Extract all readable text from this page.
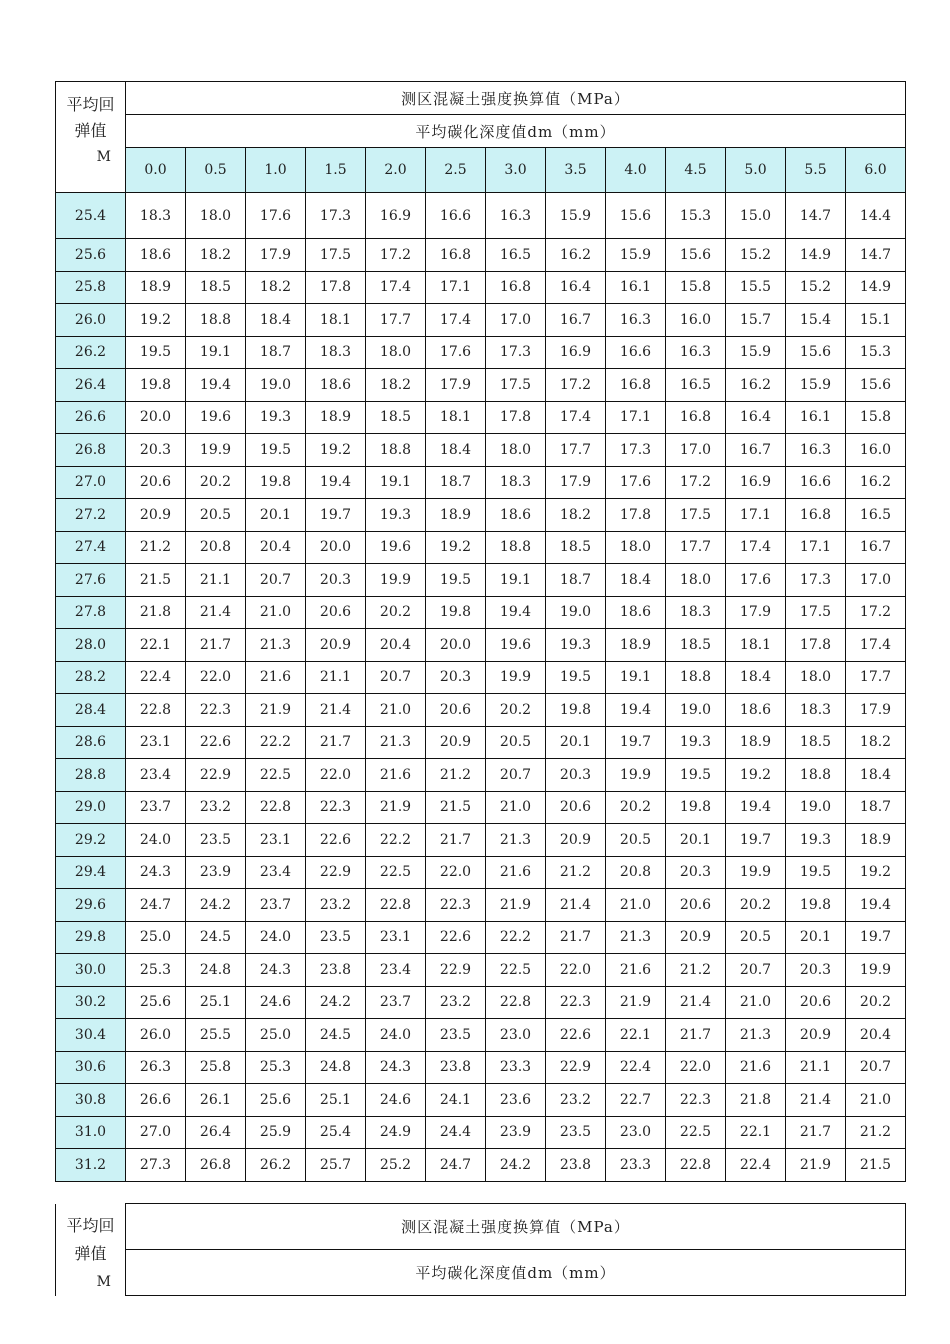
平均回
弹值
M	测区混凝土强度换算值（MPa）												
	平均碳化深度值dm（mm）												
	0.0	0.5	1.0	1.5	2.0	2.5	3.0	3.5	4.0	4.5	5.0	5.5	6.0
25.4	18.3	18.0	17.6	17.3	16.9	16.6	16.3	15.9	15.6	15.3	15.0	14.7	14.4
25.6	18.6	18.2	17.9	17.5	17.2	16.8	16.5	16.2	15.9	15.6	15.2	14.9	14.7
25.8	18.9	18.5	18.2	17.8	17.4	17.1	16.8	16.4	16.1	15.8	15.5	15.2	14.9
26.0	19.2	18.8	18.4	18.1	17.7	17.4	17.0	16.7	16.3	16.0	15.7	15.4	15.1
26.2	19.5	19.1	18.7	18.3	18.0	17.6	17.3	16.9	16.6	16.3	15.9	15.6	15.3
26.4	19.8	19.4	19.0	18.6	18.2	17.9	17.5	17.2	16.8	16.5	16.2	15.9	15.6
26.6	20.0	19.6	19.3	18.9	18.5	18.1	17.8	17.4	17.1	16.8	16.4	16.1	15.8
26.8	20.3	19.9	19.5	19.2	18.8	18.4	18.0	17.7	17.3	17.0	16.7	16.3	16.0
27.0	20.6	20.2	19.8	19.4	19.1	18.7	18.3	17.9	17.6	17.2	16.9	16.6	16.2
27.2	20.9	20.5	20.1	19.7	19.3	18.9	18.6	18.2	17.8	17.5	17.1	16.8	16.5
27.4	21.2	20.8	20.4	20.0	19.6	19.2	18.8	18.5	18.0	17.7	17.4	17.1	16.7
27.6	21.5	21.1	20.7	20.3	19.9	19.5	19.1	18.7	18.4	18.0	17.6	17.3	17.0
27.8	21.8	21.4	21.0	20.6	20.2	19.8	19.4	19.0	18.6	18.3	17.9	17.5	17.2
28.0	22.1	21.7	21.3	20.9	20.4	20.0	19.6	19.3	18.9	18.5	18.1	17.8	17.4
28.2	22.4	22.0	21.6	21.1	20.7	20.3	19.9	19.5	19.1	18.8	18.4	18.0	17.7
28.4	22.8	22.3	21.9	21.4	21.0	20.6	20.2	19.8	19.4	19.0	18.6	18.3	17.9
28.6	23.1	22.6	22.2	21.7	21.3	20.9	20.5	20.1	19.7	19.3	18.9	18.5	18.2
28.8	23.4	22.9	22.5	22.0	21.6	21.2	20.7	20.3	19.9	19.5	19.2	18.8	18.4
29.0	23.7	23.2	22.8	22.3	21.9	21.5	21.0	20.6	20.2	19.8	19.4	19.0	18.7
29.2	24.0	23.5	23.1	22.6	22.2	21.7	21.3	20.9	20.5	20.1	19.7	19.3	18.9
29.4	24.3	23.9	23.4	22.9	22.5	22.0	21.6	21.2	20.8	20.3	19.9	19.5	19.2
29.6	24.7	24.2	23.7	23.2	22.8	22.3	21.9	21.4	21.0	20.6	20.2	19.8	19.4
29.8	25.0	24.5	24.0	23.5	23.1	22.6	22.2	21.7	21.3	20.9	20.5	20.1	19.7
30.0	25.3	24.8	24.3	23.8	23.4	22.9	22.5	22.0	21.6	21.2	20.7	20.3	19.9
30.2	25.6	25.1	24.6	24.2	23.7	23.2	22.8	22.3	21.9	21.4	21.0	20.6	20.2
30.4	26.0	25.5	25.0	24.5	24.0	23.5	23.0	22.6	22.1	21.7	21.3	20.9	20.4
30.6	26.3	25.8	25.3	24.8	24.3	23.8	23.3	22.9	22.4	22.0	21.6	21.1	20.7
30.8	26.6	26.1	25.6	25.1	24.6	24.1	23.6	23.2	22.7	22.3	21.8	21.4	21.0
31.0	27.0	26.4	25.9	25.4	24.9	24.4	23.9	23.5	23.0	22.5	22.1	21.7	21.2
31.2	27.3	26.8	26.2	25.7	25.2	24.7	24.2	23.8	23.3	22.8	22.4	21.9	21.5
平均回
弹值
M
	测区混凝土强度换算值（MPa）
平均碳化深度值dm（mm）
